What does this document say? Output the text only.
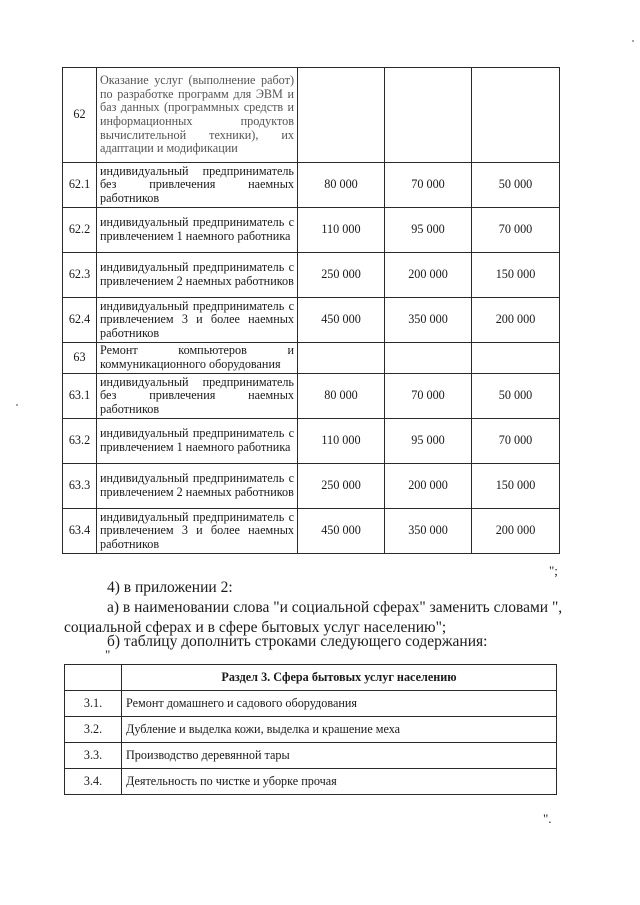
62	Оказание услуг (выполнение работ) по разработке программ для ЭВМ и баз данных (программных средств и информационных продуктов вычислительной техники), их адаптации и модификации			
62.1	индивидуальный предприниматель без привлечения наемных работников	80 000	70 000	50 000
62.2	индивидуальный предприниматель с привлечением 1 наемного работника	110 000	95 000	70 000
62.3	индивидуальный предприниматель с привлечением 2 наемных работников	250 000	200 000	150 000
62.4	индивидуальный предприниматель с привлечением 3 и более наемных работников	450 000	350 000	200 000
63	Ремонт компьютеров и коммуникационного оборудования			
63.1	индивидуальный предприниматель без привлечения наемных работников	80 000	70 000	50 000
63.2	индивидуальный предприниматель с привлечением 1 наемного работника	110 000	95 000	70 000
63.3	индивидуальный предприниматель с привлечением 2 наемных работников	250 000	200 000	150 000
63.4	индивидуальный предприниматель с привлечением 3 и более наемных работников	450 000	350 000	200 000
";
4) в приложении 2:
а) в наименовании слова "и социальной сферах" заменить словами ",
социальной сферах и в сфере бытовых услуг населению";
б) таблицу дополнить строками следующего содержания:
"
	Раздел 3. Сфера бытовых услуг населению
3.1.	Ремонт домашнего и садового оборудования
3.2.	Дубление и выделка кожи, выделка и крашение меха
3.3.	Производство деревянной тары
3.4.	Деятельность по чистке и уборке прочая
".
